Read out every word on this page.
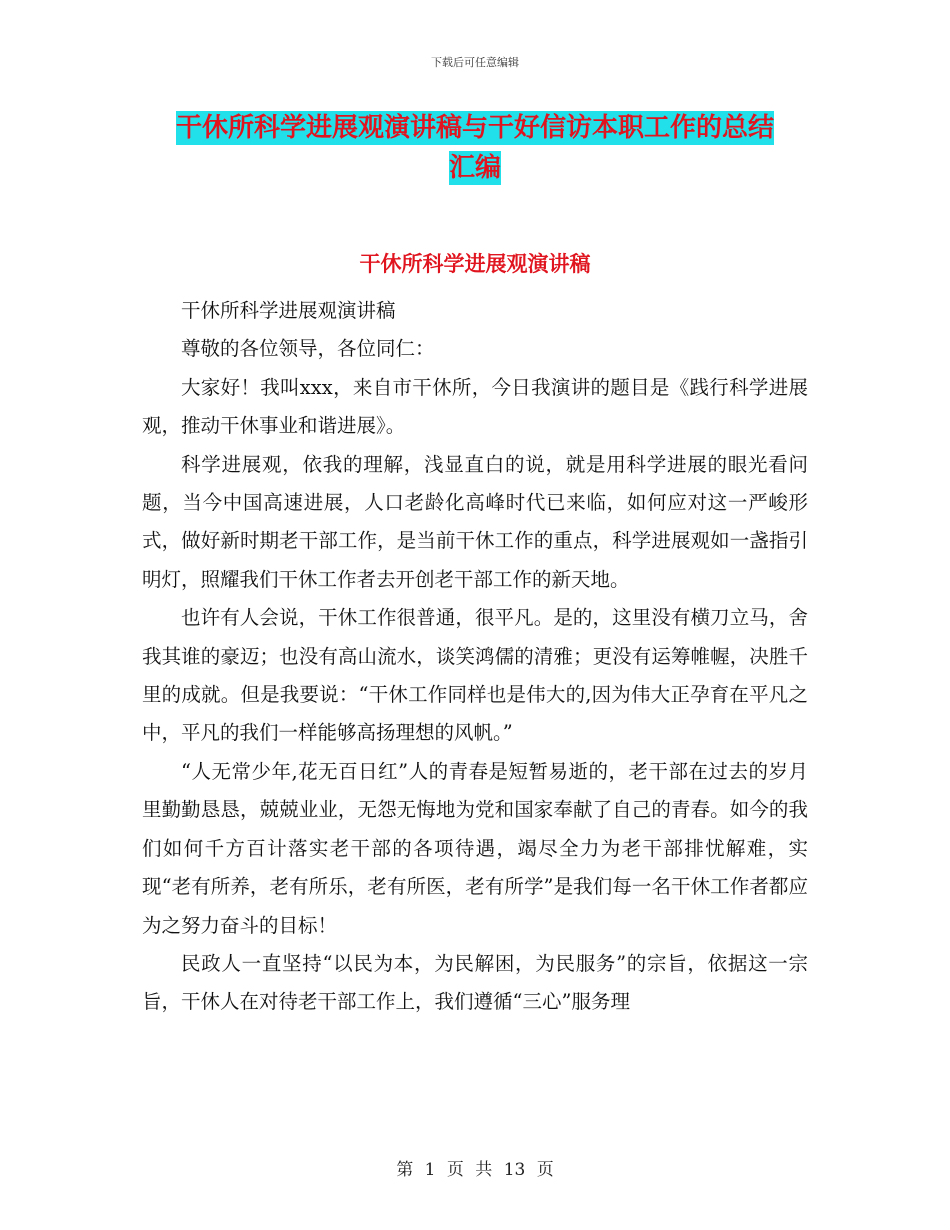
下载后可任意编辑
干休所科学进展观演讲稿与干好信访本职工作的总结
汇编
干休所科学进展观演讲稿

干休所科学进展观演讲稿

尊敬的各位领导，各位同仁：

大家好！我叫xxx，来自市干休所，今日我演讲的题目是《践行科学进展观，推动干休事业和谐进展》。

科学进展观，依我的理解，浅显直白的说，就是用科学进展的眼光看问题，当今中国高速进展，人口老龄化高峰时代已来临，如何应对这一严峻形式，做好新时期老干部工作，是当前干休工作的重点，科学进展观如一盏指引明灯，照耀我们干休工作者去开创老干部工作的新天地。

也许有人会说，干休工作很普通，很平凡。是的，这里没有横刀立马，舍我其谁的豪迈；也没有高山流水，谈笑鸿儒的清雅；更没有运筹帷幄，决胜千里的成就。但是我要说：“干休工作同样也是伟大的,因为伟大正孕育在平凡之中，平凡的我们一样能够高扬理想的风帆。”

“人无常少年,花无百日红”人的青春是短暂易逝的，老干部在过去的岁月里勤勤恳恳，兢兢业业，无怨无悔地为党和国家奉献了自己的青春。如今的我们如何千方百计落实老干部的各项待遇，竭尽全力为老干部排忧解难，实现“老有所养，老有所乐，老有所医，老有所学”是我们每一名干休工作者都应为之努力奋斗的目标！

民政人一直坚持“以民为本，为民解困，为民服务”的宗旨，依据这一宗旨，干休人在对待老干部工作上，我们遵循“三心”服务理

第 1 页 共 13 页
